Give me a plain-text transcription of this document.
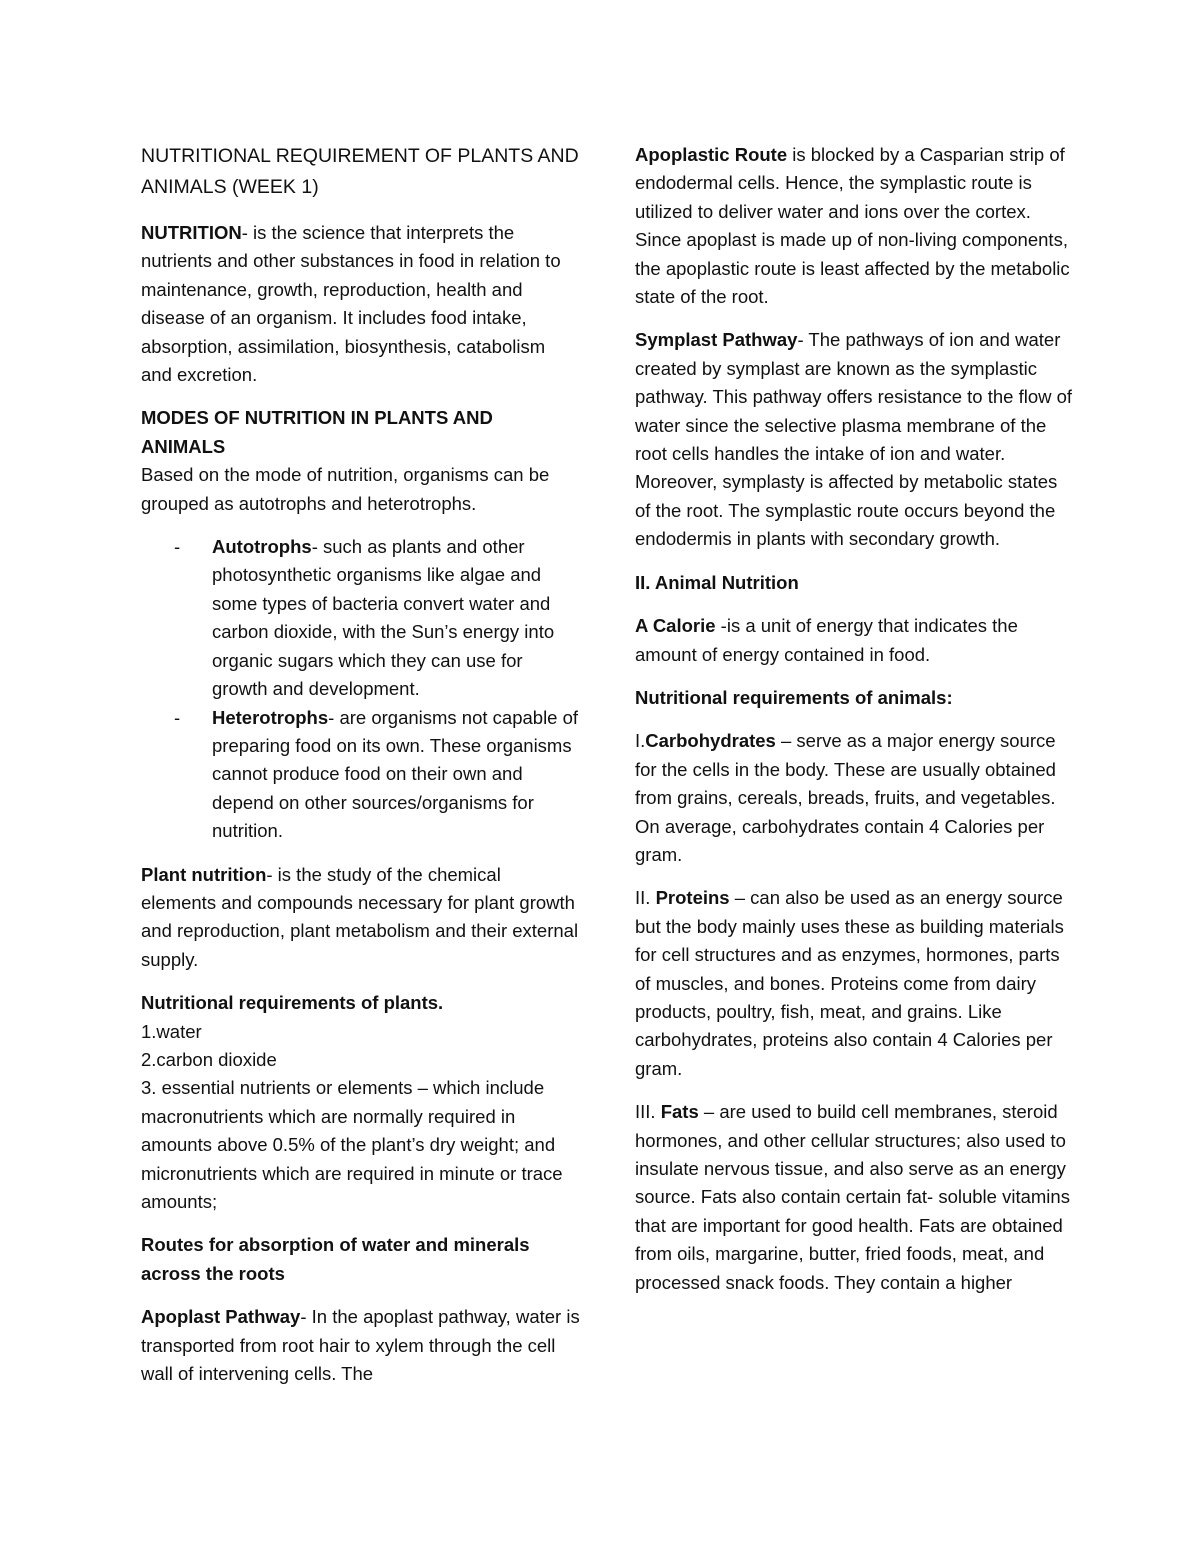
NUTRITIONAL REQUIREMENT OF PLANTS AND ANIMALS (WEEK 1)

NUTRITION- is the science that interprets the nutrients and other substances in food in relation to maintenance, growth, reproduction, health and disease of an organism. It includes food intake, absorption, assimilation, biosynthesis, catabolism and excretion.

MODES OF NUTRITION IN PLANTS AND ANIMALS

Based on the mode of nutrition, organisms can be grouped as autotrophs and heterotrophs.

- Autotrophs- such as plants and other photosynthetic organisms like algae and some types of bacteria convert water and carbon dioxide, with the Sun’s energy into organic sugars which they can use for growth and development.
- Heterotrophs- are organisms not capable of preparing food on its own. These organisms cannot produce food on their own and depend on other sources/organisms for nutrition.

Plant nutrition- is the study of the chemical elements and compounds necessary for plant growth and reproduction, plant metabolism and their external supply.

Nutritional requirements of plants.

1.water

2.carbon dioxide

3. essential nutrients or elements – which include macronutrients which are normally required in amounts above 0.5% of the plant’s dry weight; and micronutrients which are required in minute or trace amounts;

Routes for absorption of water and minerals across the roots

Apoplast Pathway- In the apoplast pathway, water is transported from root hair to xylem through the cell wall of intervening cells. The

Apoplastic Route is blocked by a Casparian strip of endodermal cells. Hence, the symplastic route is utilized to deliver water and ions over the cortex. Since apoplast is made up of non-living components, the apoplastic route is least affected by the metabolic state of the root.

Symplast Pathway- The pathways of ion and water created by symplast are known as the symplastic pathway. This pathway offers resistance to the flow of water since the selective plasma membrane of the root cells handles the intake of ion and water. Moreover, symplasty is affected by metabolic states of the root. The symplastic route occurs beyond the endodermis in plants with secondary growth.

II. Animal Nutrition

A Calorie -is a unit of energy that indicates the amount of energy contained in food.

Nutritional requirements of animals:

I.Carbohydrates – serve as a major energy source for the cells in the body. These are usually obtained from grains, cereals, breads, fruits, and vegetables. On average, carbohydrates contain 4 Calories per gram.

II. Proteins – can also be used as an energy source but the body mainly uses these as building materials for cell structures and as enzymes, hormones, parts of muscles, and bones. Proteins come from dairy products, poultry, fish, meat, and grains. Like carbohydrates, proteins also contain 4 Calories per gram.

III. Fats – are used to build cell membranes, steroid hormones, and other cellular structures; also used to insulate nervous tissue, and also serve as an energy source. Fats also contain certain fat- soluble vitamins that are important for good health. Fats are obtained from oils, margarine, butter, fried foods, meat, and processed snack foods. They contain a higher
